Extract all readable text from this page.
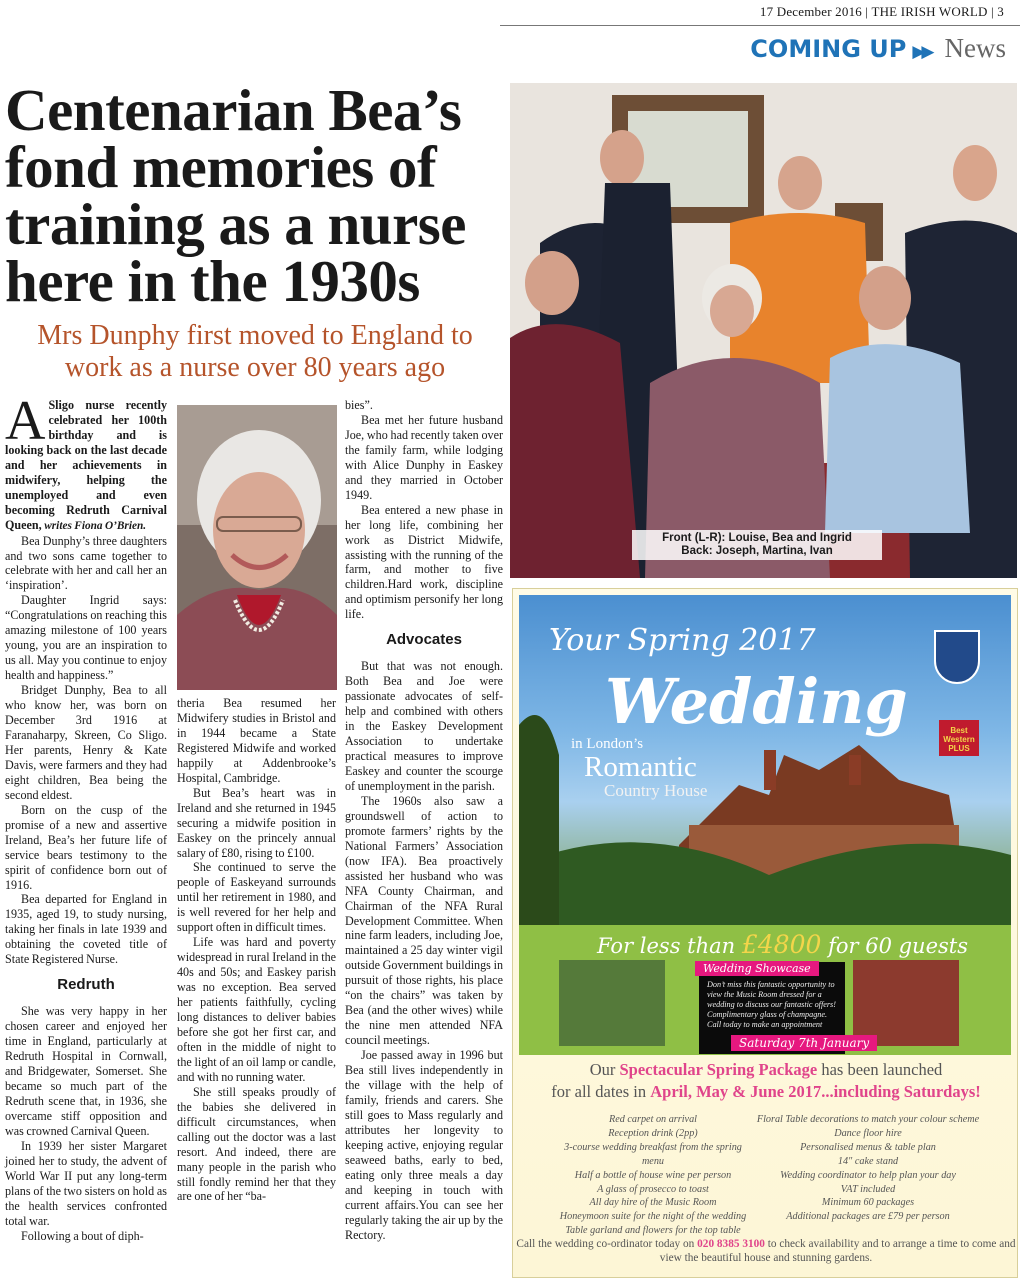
17 December 2016 | THE IRISH WORLD | 3
COMING UP ▶▶ News
Centenarian Bea’s fond memories of training as a nurse here in the 1930s
Mrs Dunphy first moved to England to work as a nurse over 80 years ago

A Sligo nurse recently celebrated her 100th birthday and is looking back on the last decade and her achievements in midwifery, helping the unemployed and even becoming Redruth Carnival Queen, writes Fiona O’Brien.

Bea Dunphy’s three daughters and two sons came together to celebrate with her and call her an ‘inspiration’.

Daughter Ingrid says: “Congratulations on reaching this amazing milestone of 100 years young, you are an inspiration to us all. May you continue to enjoy health and happiness.”

Bridget Dunphy, Bea to all who know her, was born on December 3rd 1916 at Faranaharpy, Skreen, Co Sligo. Her parents, Henry & Kate Davis, were farmers and they had eight children, Bea being the second eldest.

Born on the cusp of the promise of a new and assertive Ireland, Bea’s her future life of service bears testimony to the spirit of confidence born out of 1916.

Bea departed for England in 1935, aged 19, to study nursing, taking her finals in late 1939 and obtaining the coveted title of State Registered Nurse.

Redruth

She was very happy in her chosen career and enjoyed her time in England, particularly at Redruth Hospital in Cornwall, and Bridgewater, Somerset. She became so much part of the Redruth scene that, in 1936, she overcame stiff opposition and was crowned Carnival Queen.

In 1939 her sister Margaret joined her to study, the advent of World War II put any long-term plans of the two sisters on hold as the health services confronted total war.

Following a bout of diph-

theria Bea resumed her Midwifery studies in Bristol and in 1944 became a State Registered Midwife and worked happily at Addenbrooke’s Hospital, Cambridge.

But Bea’s heart was in Ireland and she returned in 1945 securing a midwife position in Easkey on the princely annual salary of £80, rising to £100.

She continued to serve the people of Easkeyand surrounds until her retirement in 1980, and is well revered for her help and support often in difficult times.

Life was hard and poverty widespread in rural Ireland in the 40s and 50s; and Easkey parish was no exception. Bea served her patients faithfully, cycling long distances to deliver babies before she got her first car, and often in the middle of night to the light of an oil lamp or candle, and with no running water.

She still speaks proudly of the babies she delivered in difficult circumstances, when calling out the doctor was a last resort. And indeed, there are many people in the parish who still fondly remind her that they are one of her “ba-

bies”.

Bea met her future husband Joe, who had recently taken over the family farm, while lodging with Alice Dunphy in Easkey and they married in October 1949.

Bea entered a new phase in her long life, combining her work as District Midwife, assisting with the running of the farm, and mother to five children.Hard work, discipline and optimism personify her long life.

Advocates

But that was not enough. Both Bea and Joe were passionate advocates of self-help and combined with others in the Easkey Development Association to undertake practical measures to improve Easkey and counter the scourge of unemployment in the parish.

The 1960s also saw a groundswell of action to promote farmers’ rights by the National Farmers’ Association (now IFA). Bea proactively assisted her husband who was NFA County Chairman, and Chairman of the NFA Rural Development Committee. When nine farm leaders, including Joe, maintained a 25 day winter vigil outside Government buildings in pursuit of those rights, his place “on the chairs” was taken by Bea (and the other wives) while the nine men attended NFA council meetings.

Joe passed away in 1996 but Bea still lives independently in the village with the help of family, friends and carers. She still goes to Mass regularly and attributes her longevity to keeping active, enjoying regular seaweed baths, early to bed, eating only three meals a day and keeping in touch with current affairs.You can see her regularly taking the air up by the Rectory.

Front (L-R): Louise, Bea and Ingrid
Back: Joseph, Martina, Ivan
Your Spring 2017
Wedding
in London’s
Romantic
Country House
Best Western PLUS
For less than £4800 for 60 guests
Don’t miss this fantastic opportunity to view the Music Room dressed for a wedding to discuss our fantastic offers! Complimentary glass of champagne. Call today to make an appointment
Wedding Showcase
Saturday 7th January
Our Spectacular Spring Package has been launched
for all dates in April, May & June 2017...including Saturdays!
Red carpet on arrival
Reception drink (2pp)
3-course wedding breakfast from the spring menu
Half a bottle of house wine per person
A glass of prosecco to toast
All day hire of the Music Room
Honeymoon suite for the night of the wedding
Table garland and flowers for the top table
Floral Table decorations to match your colour scheme
Dance floor hire
Personalised menus & table plan
14" cake stand
Wedding coordinator to help plan your day
VAT included
Minimum 60 packages
Additional packages are £79 per person
Call the wedding co-ordinator today on 020 8385 3100 to check availability and to arrange a time to come and view the beautiful house and stunning gardens.
